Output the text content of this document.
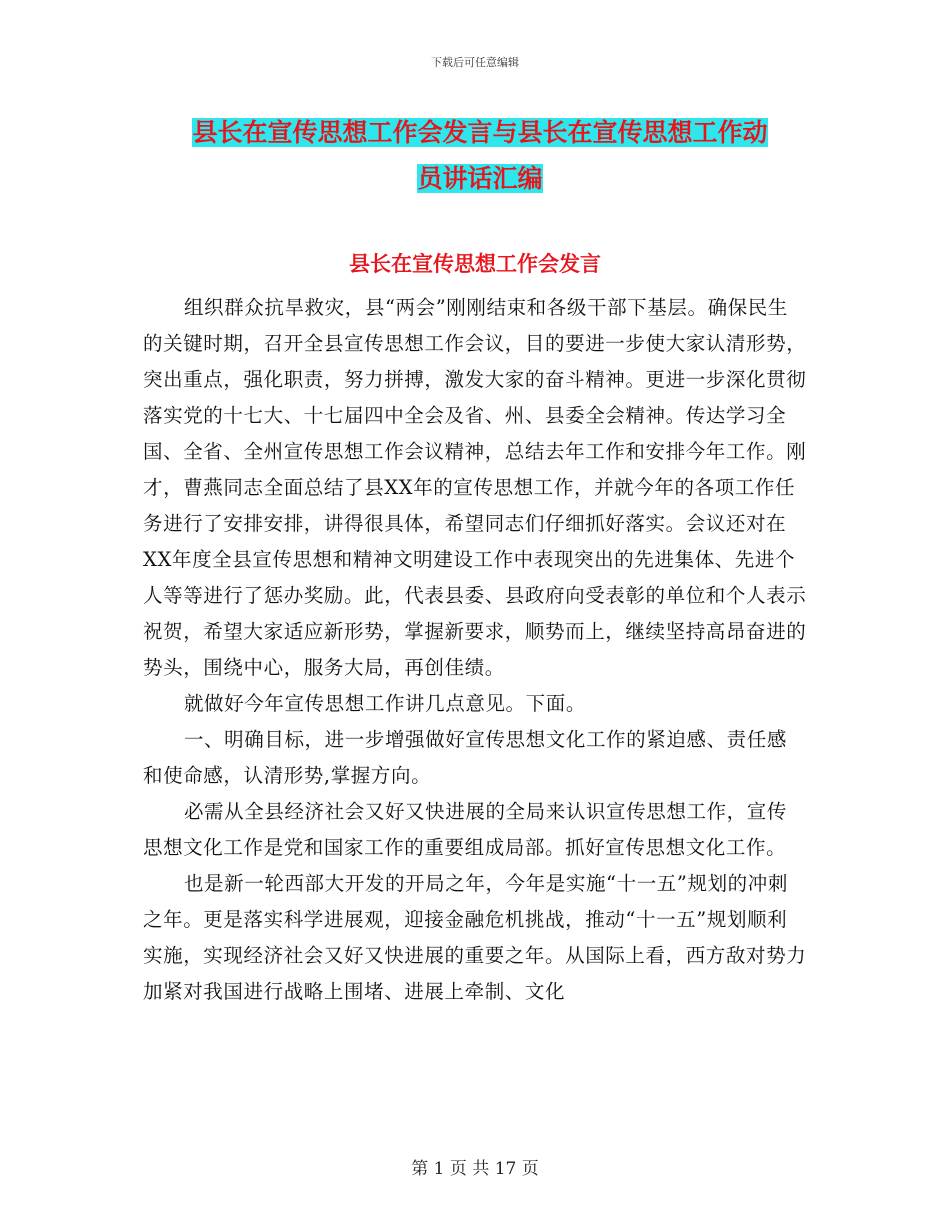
下载后可任意编辑
县长在宣传思想工作会发言与县长在宣传思想工作动
员讲话汇编
县长在宣传思想工作会发言

组织群众抗旱救灾，县“两会”刚刚结束和各级干部下基层。确保民生的关键时期，召开全县宣传思想工作会议，目的要进一步使大家认清形势，突出重点，强化职责，努力拼搏，激发大家的奋斗精神。更进一步深化贯彻落实党的十七大、十七届四中全会及省、州、县委全会精神。传达学习全国、全省、全州宣传思想工作会议精神，总结去年工作和安排今年工作。刚才，曹燕同志全面总结了县XX年的宣传思想工作，并就今年的各项工作任务进行了安排安排，讲得很具体，希望同志们仔细抓好落实。会议还对在XX年度全县宣传思想和精神文明建设工作中表现突出的先进集体、先进个人等等进行了惩办奖励。此，代表县委、县政府向受表彰的单位和个人表示祝贺，希望大家适应新形势，掌握新要求，顺势而上，继续坚持高昂奋进的势头，围绕中心，服务大局，再创佳绩。

就做好今年宣传思想工作讲几点意见。下面。

一、明确目标，进一步增强做好宣传思想文化工作的紧迫感、责任感和使命感，认清形势,掌握方向。

必需从全县经济社会又好又快进展的全局来认识宣传思想工作，宣传思想文化工作是党和国家工作的重要组成局部。抓好宣传思想文化工作。

也是新一轮西部大开发的开局之年，今年是实施“十一五”规划的冲刺之年。更是落实科学进展观，迎接金融危机挑战，推动“十一五”规划顺利实施，实现经济社会又好又快进展的重要之年。从国际上看，西方敌对势力加紧对我国进行战略上围堵、进展上牵制、文化

第 1 页 共 17 页
